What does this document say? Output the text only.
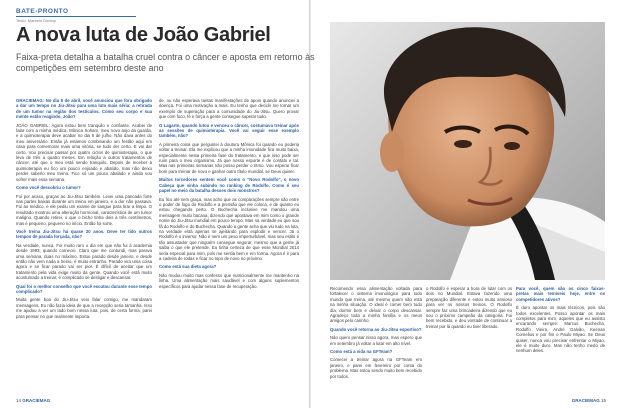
BATE-PRONTO
Texto: Marcelo Dunlop
A nova luta de João Gabriel
Faixa-preta detalha a batalha cruel contra o câncer e aposta em retorno às competições em setembro deste ano

GRACIEMAG: No dia 8 de abril, você anunciou que fora obrigado a dar um tempo no Jiu-Jitsu para uma luta mais séria: a retirada de um tumor na região dos testículos. Como seu corpo e sua mente estão reagindo, João?

JOÃO GABRIEL: Agora estou bem tranquilo e confiante. Acabei de falar com a minha médica, Mônica Soham, meu novo anjo da guarda, e a quimioterapia deve acabar no dia 8 de julho. Não dava antes do meu aniversário. Então já estamos combinando um festão aqui em casa para comemorar mais uma vitória, se tudo der certo. E vai dar certo. Vou precisar passar por quatro ciclos de quimioterapia, o que leva de três a quatro meses. Em relação a outros tratamentos de câncer, até que o meu está sendo tranquilo. Depois de receber a quimioterapia eu fico um pouco enjoado e abatido, mas não deixo perder saberlo meu treino. Fico só um pouco abalado e ainda vou sofrer mais essa semana.

Como você descobriu o tumor?

Foi por acaso, graças ao Jiu-Jitsu também. Levei uma pancada forte nas partes baixas durante um treino em janeiro, e a dor não passava. Fui ao médico, e ele pediu um exame de sangue para tirar a limpo. O resultado mostrou uma alteração hormonal, característica de um tumor maligno. Quando retirei, o que o bicho tinha dois a três centímetros, mas é pequeno, pequeno no início. Então foi sorte.

Você treina Jiu-Jitsu há quase 20 anos. Deve ter tido outros tempos de parada forçada, não?

Na verdade, nunca. Foi muito raro o dia em que não fui à academia desde 1993, quando comecei. Claro que me contundi, mas parava uma semana, duas no máximo. Estou parado desde janeiro, e desde então não vem nada a treino, é muito estranho. Parado vira uma coisa agora e se ficar parado vai ser pior. É difícil de aceitar que um tratamento pela vida exige muito da gente. Quando você está muito acostumado a treinar, é complicado se desligar e descansar.

Qual foi o melhor conselho que você escutou durante esse tempo complicado?

Muita gente boa do Jiu-Jitsu veio falar comigo, me mandaram mensagens. Eu não fazia ideia de que a recepção seria tamanha. Isso me ajudou a ver um lado bom nessa luta, pois, de certa forma, parei para pensar no que realmente importa.

de, ou não esperava tantas manifestações de apoio quando anunciei a doença. Foi uma motivação a mais. Eu tenho que decidir me tornar um exemplo de superação para a comunidade do Jiu-Jitsu. Quero provar que com foco, fé e força a gente consegue superar tudo.

O Lagarto, quando lutou e venceu o câncer, costumava treinar após as sessões de quimioterapia. Você vai seguir esse exemplo também, não?

A primeira coisa que perguntei à doutora Mônica foi quando eu poderia voltar a treinar. Ela me explicou que a minha imunidade fica muito baixa, especialmente nesta primeira fase do tratamento, e que isso pode ser ruim para o meu organismo. Já que nosso esporte é de contato e tal. Mas nas primeiras semanas não posso perder o ritmo. Vou esperar ficar bom para treinar de novo e ganhar outro título mundial, se Deus quiser.

Muitos torcedores sentem você como o "Novo Rodolfo", o novo Cabeça que vinha subindo no ranking de Rodolfo. Como é seu papel no meio da batalha desses dois monstros?

Eu fico até sem graça, mas acho que as comparações sempre são entre o poder de fogo do Rodolfo e a pressão que ele coloca, e de quanto eu estou chegando perto. O Buchecha inclusive me mandou uma mensagem muito bacana, dizendo que apostava em mim como o grande nome do Jiu-Jitsu mundial em pouco tempo. Mas na verdade eu que sou fã do Rodolfo e do Buchecha. Quando a gente acha que viu tudo na luta, na verdade está apenas se ajeitando para explodir e vencer. Já o Rodolfo é o inverso: Não é nem um peso imperturbável, mas seu estilo é tão assustador que ninguém consegue segurar, mesmo que a gente já saiba o que ele pretende. Eu tinha certeza de que esse Mundial 2014 seria especial para mim, pois me sentia bem e em forma. Agora é ir para a cadeira de rodas e ficar no topo de novo no próximo.

Como está sua dieta agora?

Não mudou muito mas confesso que nutricionalmente me mantenho na linha. Uma alimentação mais saudável e com alguns suplementos específicos para ajudar nessa fase de recuperação.	Recomendo essa alimentação voltada para fortalecer o sistema imunológico para todo mundo que treina, até mesmo quem não está na minha situação. O ideal é comer bem todo dia, dormir bem e deixar o corpo descansar. Agradeço toda a minha família e os meus amigos pelo carinho.

Quando você retorna ao Jiu-Jitsu esportivo?

Não quero pensar nisso agora, mas espero que em setembro já voltar a lutar em alto nível.

Como está a vida na GFTeam?

Comecei a treinar agora na GFTeam em janeiro, e parei em fevereiro por conta do problema. Mas estou sendo muito bem recebido por todos.

o Rodolfo e esperar a hora de lutar com os dois no Mundial. Estava fazendo uma preparação diferente e estou muito ansioso para ver os nossos treinos. O Rodolfo sempre faz uma brincadeira dizendo que eu sou o próximo campeão da categoria. Fui bem recebido, e deu vontade de continuar a treinar por lá quando eu tiver liberado.

Para você, quem são os cinco faixas-pretas mais temíveis hoje, entre os competidores ativos?

É duro apontar os mais técnicos, pois são todos excelentes. Posso apontar os mais completos para mim, aqueles que eu assisto encarando sempre: Marcus Buchecha, Rodolfo Vieira, André Galvão, Keenan Cornelius e por fim o Paulo Miyao. Se Deus quiser, nunca vou precisar enfrentar o Miyao, ele é muito duro. Mas não tenho medo de nenhum deles.

14 GRACIEMAG	GRACIEMAG 15
